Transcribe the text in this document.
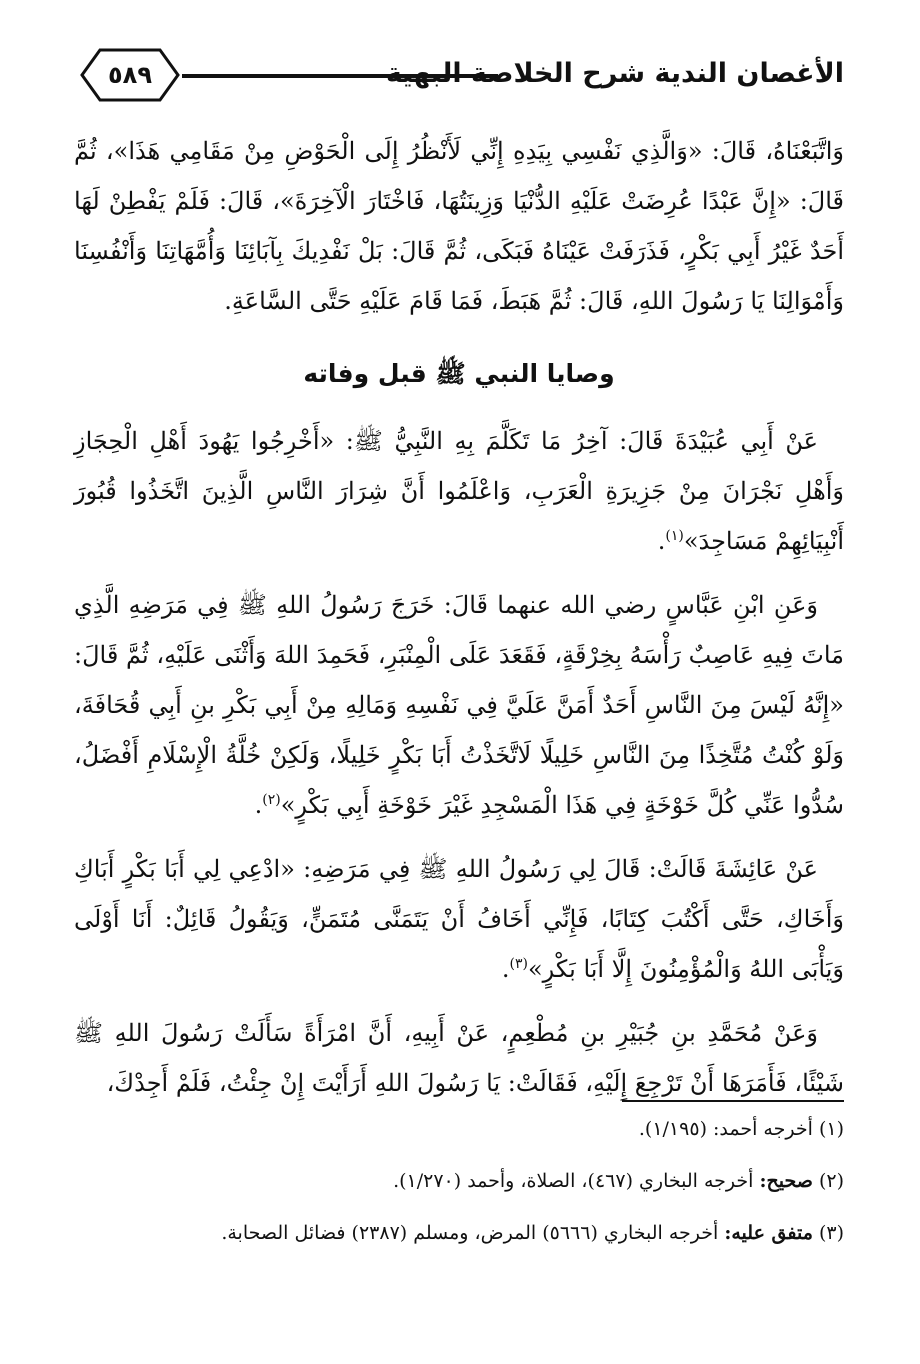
٥٨٩	الأغصان الندية شرح الخلاصة البهية

وَاتَّبَعْنَاهُ، قَالَ: «وَالَّذِي نَفْسِي بِيَدِهِ إِنِّي لَأَنْظُرُ إِلَى الْحَوْضِ مِنْ مَقَامِي هَذَا»، ثُمَّ قَالَ: «إِنَّ عَبْدًا عُرِضَتْ عَلَيْهِ الدُّنْيَا وَزِينَتُهَا، فَاخْتَارَ الْآخِرَةَ»، قَالَ: فَلَمْ يَفْطِنْ لَهَا أَحَدٌ غَيْرُ أَبِي بَكْرٍ، فَذَرَفَتْ عَيْنَاهُ فَبَكَى، ثُمَّ قَالَ: بَلْ نَفْدِيكَ بِآبَائِنَا وَأُمَّهَاتِنَا وَأَنْفُسِنَا وَأَمْوَالِنَا يَا رَسُولَ اللهِ، قَالَ: ثُمَّ هَبَطَ، فَمَا قَامَ عَلَيْهِ حَتَّى السَّاعَةِ.

وصايا النبي ﷺ قبل وفاته

عَنْ أَبِي عُبَيْدَةَ قَالَ: آخِرُ مَا تَكَلَّمَ بِهِ النَّبِيُّ ﷺ: «أَخْرِجُوا يَهُودَ أَهْلِ الْحِجَازِ وَأَهْلِ نَجْرَانَ مِنْ جَزِيرَةِ الْعَرَبِ، وَاعْلَمُوا أَنَّ شِرَارَ النَّاسِ الَّذِينَ اتَّخَذُوا قُبُورَ أَنْبِيَائِهِمْ مَسَاجِدَ»$^{(١)}$.

وَعَنِ ابْنِ عَبَّاسٍ رضي الله عنهما قَالَ: خَرَجَ رَسُولُ اللهِ ﷺ فِي مَرَضِهِ الَّذِي مَاتَ فِيهِ عَاصِبٌ رَأْسَهُ بِخِرْقَةٍ، فَقَعَدَ عَلَى الْمِنْبَرِ، فَحَمِدَ اللهَ وَأَثْنَى عَلَيْهِ، ثُمَّ قَالَ: «إِنَّهُ لَيْسَ مِنَ النَّاسِ أَحَدٌ أَمَنَّ عَلَيَّ فِي نَفْسِهِ وَمَالِهِ مِنْ أَبِي بَكْرِ بنِ أَبِي قُحَافَةَ، وَلَوْ كُنْتُ مُتَّخِذًا مِنَ النَّاسِ خَلِيلًا لَاتَّخَذْتُ أَبَا بَكْرٍ خَلِيلًا، وَلَكِنْ خُلَّةُ الْإِسْلَامِ أَفْضَلُ، سُدُّوا عَنِّي كُلَّ خَوْخَةٍ فِي هَذَا الْمَسْجِدِ غَيْرَ خَوْخَةِ أَبِي بَكْرٍ»$^{(٢)}$.

عَنْ عَائِشَةَ قَالَتْ: قَالَ لِي رَسُولُ اللهِ ﷺ فِي مَرَضِهِ: «ادْعِي لِي أَبَا بَكْرٍ أَبَاكِ وَأَخَاكِ، حَتَّى أَكْتُبَ كِتَابًا، فَإِنِّي أَخَافُ أَنْ يَتَمَنَّى مُتَمَنٍّ، وَيَقُولُ قَائِلٌ: أَنَا أَوْلَى وَيَأْبَى اللهُ وَالْمُؤْمِنُونَ إِلَّا أَبَا بَكْرٍ»$^{(٣)}$.

وَعَنْ مُحَمَّدِ بنِ جُبَيْرِ بنِ مُطْعِمٍ، عَنْ أَبِيهِ، أَنَّ امْرَأَةً سَأَلَتْ رَسُولَ اللهِ ﷺ شَيْئًا، فَأَمَرَهَا أَنْ تَرْجِعَ إِلَيْهِ، فَقَالَتْ: يَا رَسُولَ اللهِ أَرَأَيْتَ إِنْ جِئْتُ، فَلَمْ أَجِدْكَ،

(١) أخرجه أحمد: (١/١٩٥).

(٢) صحيح: أخرجه البخاري (٤٦٧)، الصلاة، وأحمد (١/٢٧٠).

(٣) متفق عليه: أخرجه البخاري (٥٦٦٦) المرض، ومسلم (٢٣٨٧) فضائل الصحابة.
